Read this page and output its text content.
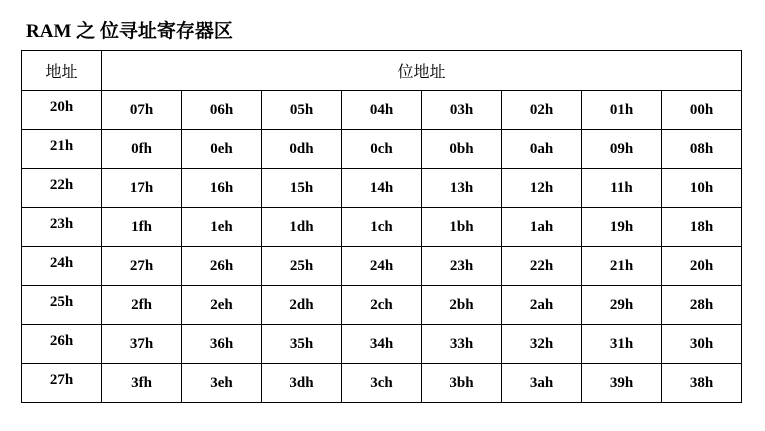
RAM 之 位寻址寄存器区
地址	位地址							
20h	07h	06h	05h	04h	03h	02h	01h	00h
21h	0fh	0eh	0dh	0ch	0bh	0ah	09h	08h
22h	17h	16h	15h	14h	13h	12h	11h	10h
23h	1fh	1eh	1dh	1ch	1bh	1ah	19h	18h
24h	27h	26h	25h	24h	23h	22h	21h	20h
25h	2fh	2eh	2dh	2ch	2bh	2ah	29h	28h
26h	37h	36h	35h	34h	33h	32h	31h	30h
27h	3fh	3eh	3dh	3ch	3bh	3ah	39h	38h
